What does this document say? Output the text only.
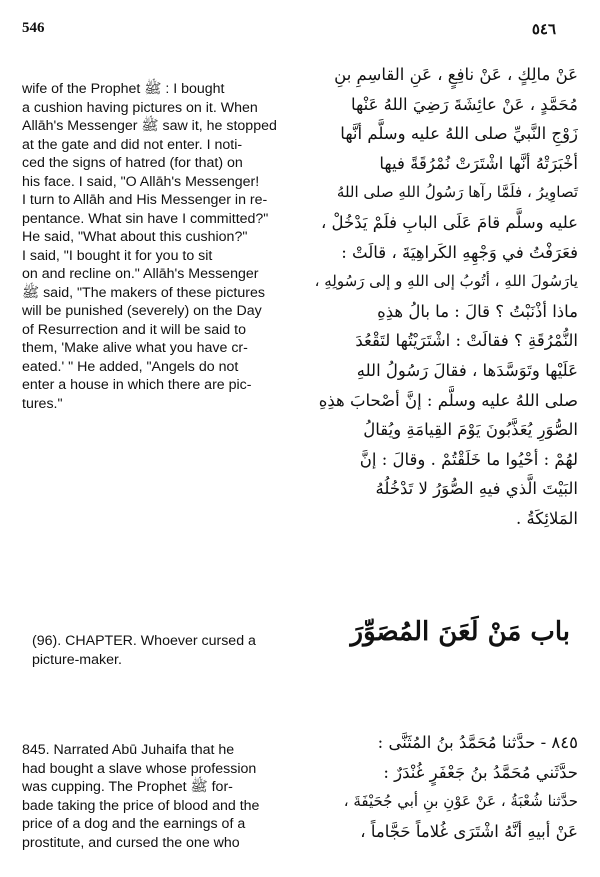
546	٥٤٦
wife of the Prophet ﷺ : I bought
a cushion having pictures on it. When
Allāh's Messenger ﷺ saw it, he stopped
at the gate and did not enter. I noti-
ced the signs of hatred (for that) on
his face. I said, "O Allāh's Messenger!
I turn to Allāh and His Messenger in re-
pentance. What sin have I committed?"
He said, "What about this cushion?"
I said, "I bought it for you to sit
on and recline on." Allāh's Messenger
ﷺ said, "The makers of these pictures
will be punished (severely) on the Day
of Resurrection and it will be said to
them, 'Make alive what you have cr-
eated.' " He added, "Angels do not
enter a house in which there are pic-
tures."
عَنْ مالِكٍ ، عَنْ نافِعٍ ، عَنِ القاسِمِ بنِ
مُحَمَّدٍ ، عَنْ عائِشَةَ رَضِيَ اللهُ عَنْها
زَوْجِ النَّبيِّ صلى اللهُ عليه وسلَّم أنَّها
أخْبَرَتْهُ أنَّها اشْتَرَتْ نُمْرُقَةً فيها
تَصاوِيرُ ، فلَمَّا رآها رَسُولُ اللهِ صلى اللهُ
عليه وسلَّم قامَ عَلَى البابِ فلَمْ يَدْخُلْ ،
فعَرَفْتُ في وَجْهِهِ الكَراهِيَةَ ، قالَتْ :
يارَسُولَ اللهِ ، أتُوبُ إلى اللهِ و إلى رَسُولِهِ ،
ماذا أذْنَبْتُ ؟ قالَ : ما بالُ هذِهِ
النُّمْرُقَةِ ؟ فقالَتْ : اشْتَرَيْتُها لتَقْعُدَ
عَلَيْها وتَوَسَّدَها ، فقالَ رَسُولُ اللهِ
صلى اللهُ عليه وسلَّم : إنَّ أصْحابَ هذِهِ
الصُّوَرِ يُعَذَّبُونَ يَوْمَ القِيامَةِ ويُقالُ
لهُمْ : أحْيُوا ما خَلَقْتُمْ . وقالَ : إنَّ
البَيْتَ الَّذي فيهِ الصُّوَرُ لا تَدْخُلُهُ
المَلائِكَةُ .
(96). CHAPTER. Whoever cursed a
picture-maker.
باب مَنْ لَعَنَ المُصَوِّرَ
845. Narrated Abū Juhaifa that he
had bought a slave whose profession
was cupping. The Prophet ﷺ for-
bade taking the price of blood and the
price of a dog and the earnings of a
prostitute, and cursed the one who
٨٤٥ - حدَّثنا مُحَمَّدُ بنُ المُثَنَّى :
حدَّثَني مُحَمَّدُ بنُ جَعْفَرٍ غُنْدَرٌ :
حدَّثنا شُعْبَةُ ، عَنْ عَوْنِ بنِ أبي جُحَيْفَةَ ،
عَنْ أبيهِ أنَّهُ اشْتَرَى غُلاماً حَجَّاماً ،
